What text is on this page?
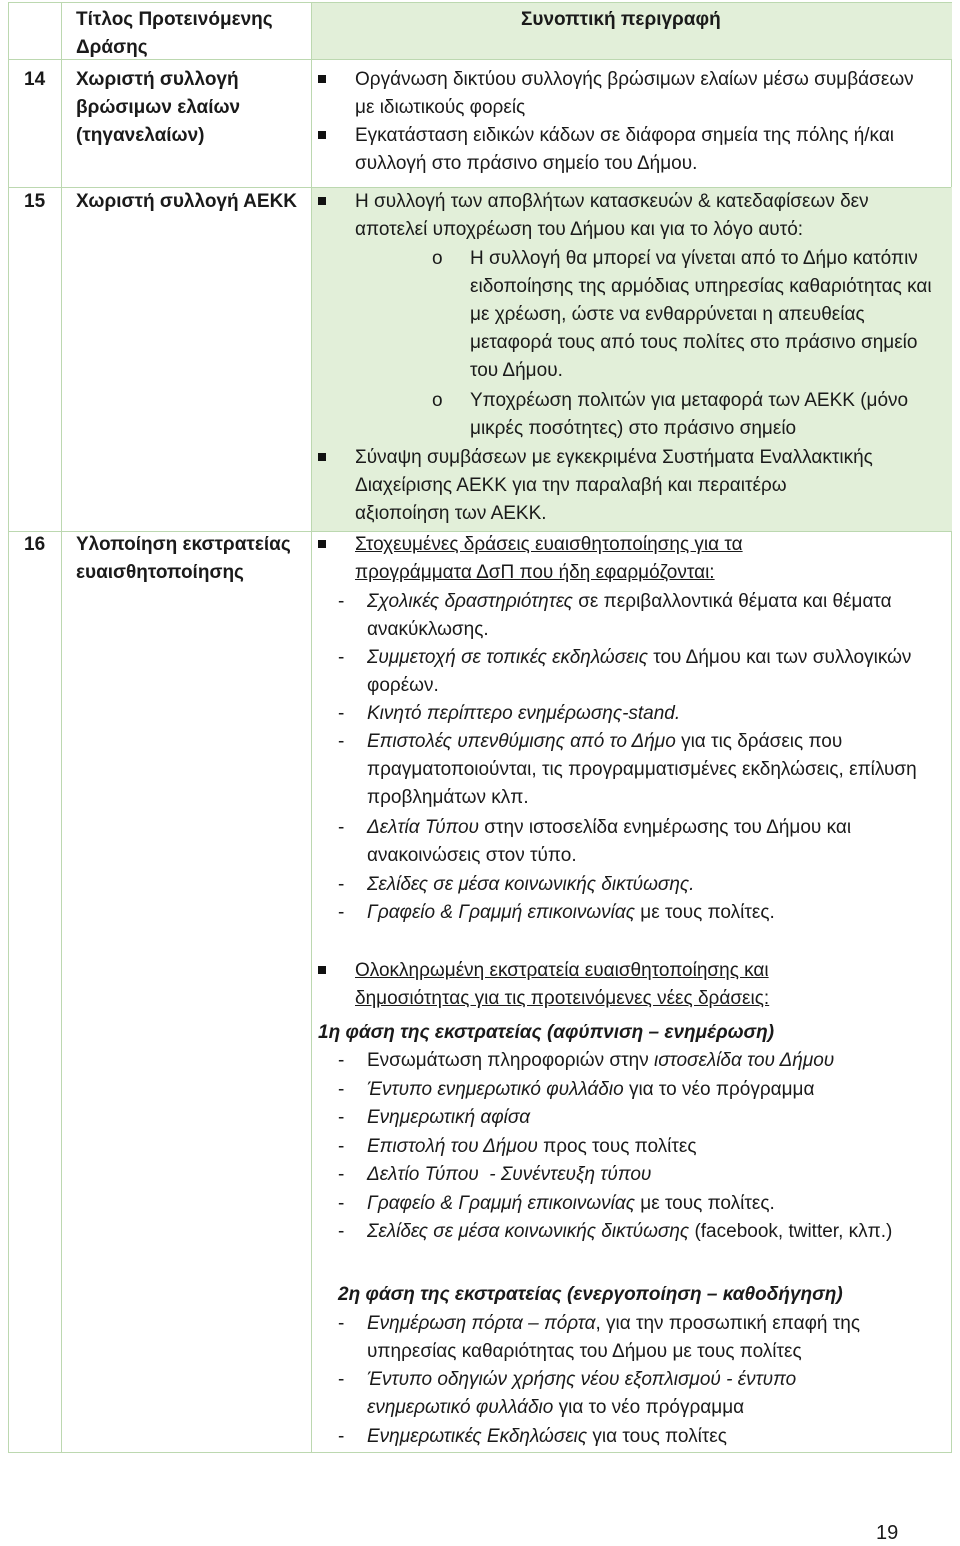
Τίτλος Προτεινόμενης Δράσης
Συνοπτική περιγραφή
14 Χωριστή συλλογή βρώσιμων ελαίων (τηγανελαίων)
Οργάνωση δικτύου συλλογής βρώσιμων ελαίων μέσω συμβάσεων με ιδιωτικούς φορείς
Εγκατάσταση ειδικών κάδων σε διάφορα σημεία της πόλης ή/και συλλογή στο πράσινο σημείο του Δήμου.
15 Χωριστή συλλογή ΑΕΚΚ	Η συλλογή των αποβλήτων κατασκευών & κατεδαφίσεων δεν αποτελεί υποχρέωση του Δήμου και για το λόγο αυτό:
o Η συλλογή θα μπορεί να γίνεται από το Δήμο κατόπιν ειδοποίησης της αρμόδιας υπηρεσίας καθαριότητας και με χρέωση, ώστε να ενθαρρύνεται η απευθείας μεταφορά τους από τους πολίτες στο πράσινο σημείο του Δήμου.
o Υποχρέωση πολιτών για μεταφορά των ΑΕΚΚ (μόνο μικρές ποσότητες) στο πράσινο σημείο
Σύναψη συμβάσεων με εγκεκριμένα Συστήματα Εναλλακτικής Διαχείρισης ΑΕΚΚ για την παραλαβή και περαιτέρω αξιοποίηση των ΑΕΚΚ.
16 Υλοποίηση εκστρατείας ευαισθητοποίησης
Στοχευμένες δράσεις ευαισθητοποίησης για τα προγράμματα ΔσΠ που ήδη εφαρμόζονται:
- Σχολικές δραστηριότητες σε περιβαλλοντικά θέματα και θέματα ανακύκλωσης.
- Συμμετοχή σε τοπικές εκδηλώσεις του Δήμου και των συλλογικών φορέων.
- Κινητό περίπτερο ενημέρωσης-stand.
- Επιστολές υπενθύμισης από το Δήμο για τις δράσεις που πραγματοποιούνται, τις προγραμματισμένες εκδηλώσεις, επίλυση προβλημάτων κλπ.
- Δελτία Τύπου στην ιστοσελίδα ενημέρωσης του Δήμου και ανακοινώσεις στον τύπο.
- Σελίδες σε μέσα κοινωνικής δικτύωσης.
- Γραφείο & Γραμμή επικοινωνίας με τους πολίτες.
Ολοκληρωμένη εκστρατεία ευαισθητοποίησης και δημοσιότητας για τις προτεινόμενες νέες δράσεις:
1η φάση της εκστρατείας (αφύπνιση – ενημέρωση)
- Ενσωμάτωση πληροφοριών στην ιστοσελίδα του Δήμου
- Έντυπο ενημερωτικό φυλλάδιο για το νέο πρόγραμμα
- Ενημερωτική αφίσα
- Επιστολή του Δήμου προς τους πολίτες
- Δελτίο Τύπου  - Συνέντευξη τύπου
- Γραφείο & Γραμμή επικοινωνίας με τους πολίτες.
- Σελίδες σε μέσα κοινωνικής δικτύωσης (facebook, twitter, κλπ.)
2η φάση της εκστρατείας (ενεργοποίηση – καθοδήγηση)
- Ενημέρωση πόρτα – πόρτα, για την προσωπική επαφή της υπηρεσίας καθαριότητας του Δήμου με τους πολίτες
- Έντυπο οδηγιών χρήσης νέου εξοπλισμού - έντυπο ενημερωτικό φυλλάδιο για το νέο πρόγραμμα
- Ενημερωτικές Εκδηλώσεις για τους πολίτες
19
